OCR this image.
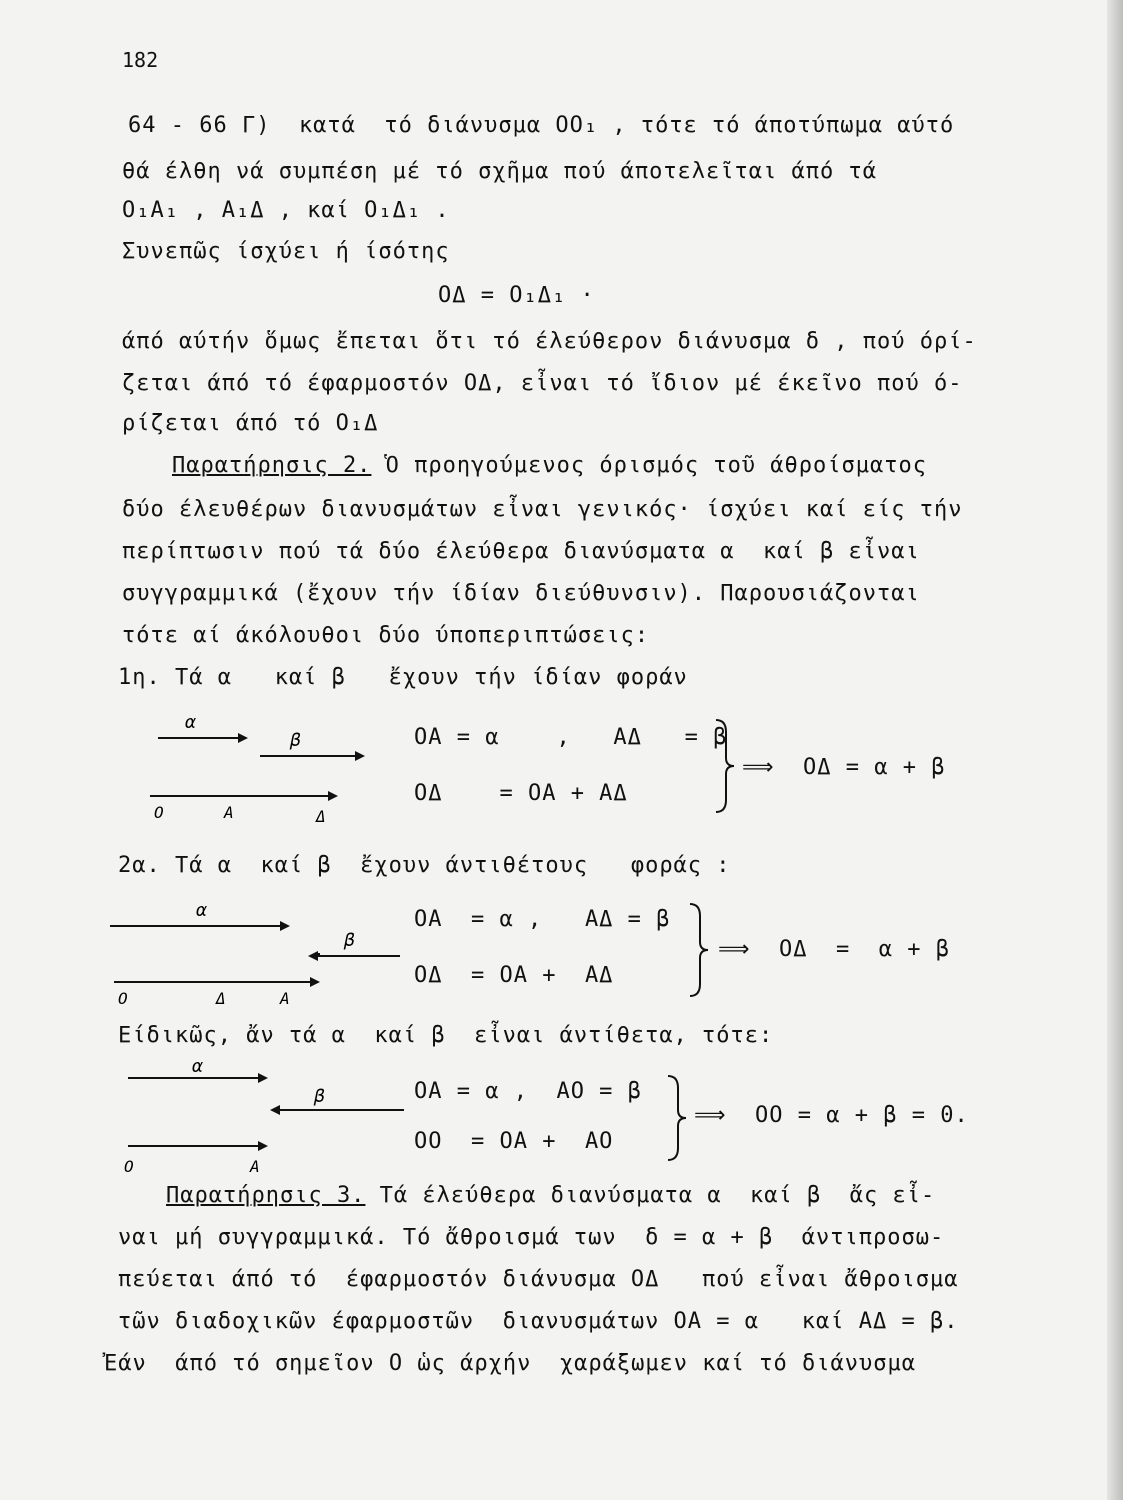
182
64 - 66 Γ)  κατά  τό διάνυσμα OO₁ , τότε τό άποτύπωμα αύτό
θά έλθη νά συμπέση μέ τό σχῆμα πού άποτελεῖται άπό τά
O₁A₁ , A₁Δ , καί O₁Δ₁ .
Συνεπῶς ίσχύει ή ίσότης
OΔ = O₁Δ₁ ·
άπό αύτήν ὅμως ἔπεται ὅτι τό έλεύθερον διάνυσμα δ , πού όρί-
ζεται άπό τό έφαρμοστόν OΔ, εἶναι τό ἴδιον μέ έκεῖνο πού ό-
ρίζεται άπό τό O₁Δ
Παρατήρησις 2. Ὁ προηγούμενος όρισμός τοῦ άθροίσματος
δύο έλευθέρων διανυσμάτων εἶναι γενικός· ίσχύει καί είς τήν
περίπτωσιν πού τά δύο έλεύθερα διανύσματα α  καί β εἶναι
συγγραμμικά (ἔχουν τήν ίδίαν διεύθυνσιν). Παρουσιάζονται
τότε αί άκόλουθοι δύο ύποπεριπτώσεις:
1η. Τά α   καί β   ἔχουν τήν ίδίαν φοράν
α
β
O	A	Δ
OA = α    ,   AΔ   = β
OΔ    = OA + AΔ
⟹  OΔ = α + β
2α. Τά α  καί β  ἔχουν άντιθέτους   φοράς :
α
O	Δ	A
β
OA  = α ,   AΔ = β
OΔ  = OA +  AΔ
⟹  OΔ  =  α + β
Είδικῶς, ἄν τά α  καί β  εἶναι άντίθετα, τότε:
α
O	A
β	OA = α ,  AO = β
OO  = OA +  AO
⟹  OO = α + β = 0.
Παρατήρησις 3. Τά έλεύθερα διανύσματα α  καί β  ἄς εἶ-
ναι μή συγγραμμικά. Τό ἄθροισμά των  δ = α + β  άντιπροσω-
πεύεται άπό τό  έφαρμοστόν διάνυσμα OΔ   πού εἶναι ἄθροισμα
τῶν διαδοχικῶν έφαρμοστῶν  διανυσμάτων OA = α   καί AΔ = β.
Ἐάν  άπό τό σημεῖον O ὡς άρχήν  χαράξωμεν καί τό διάνυσμα
